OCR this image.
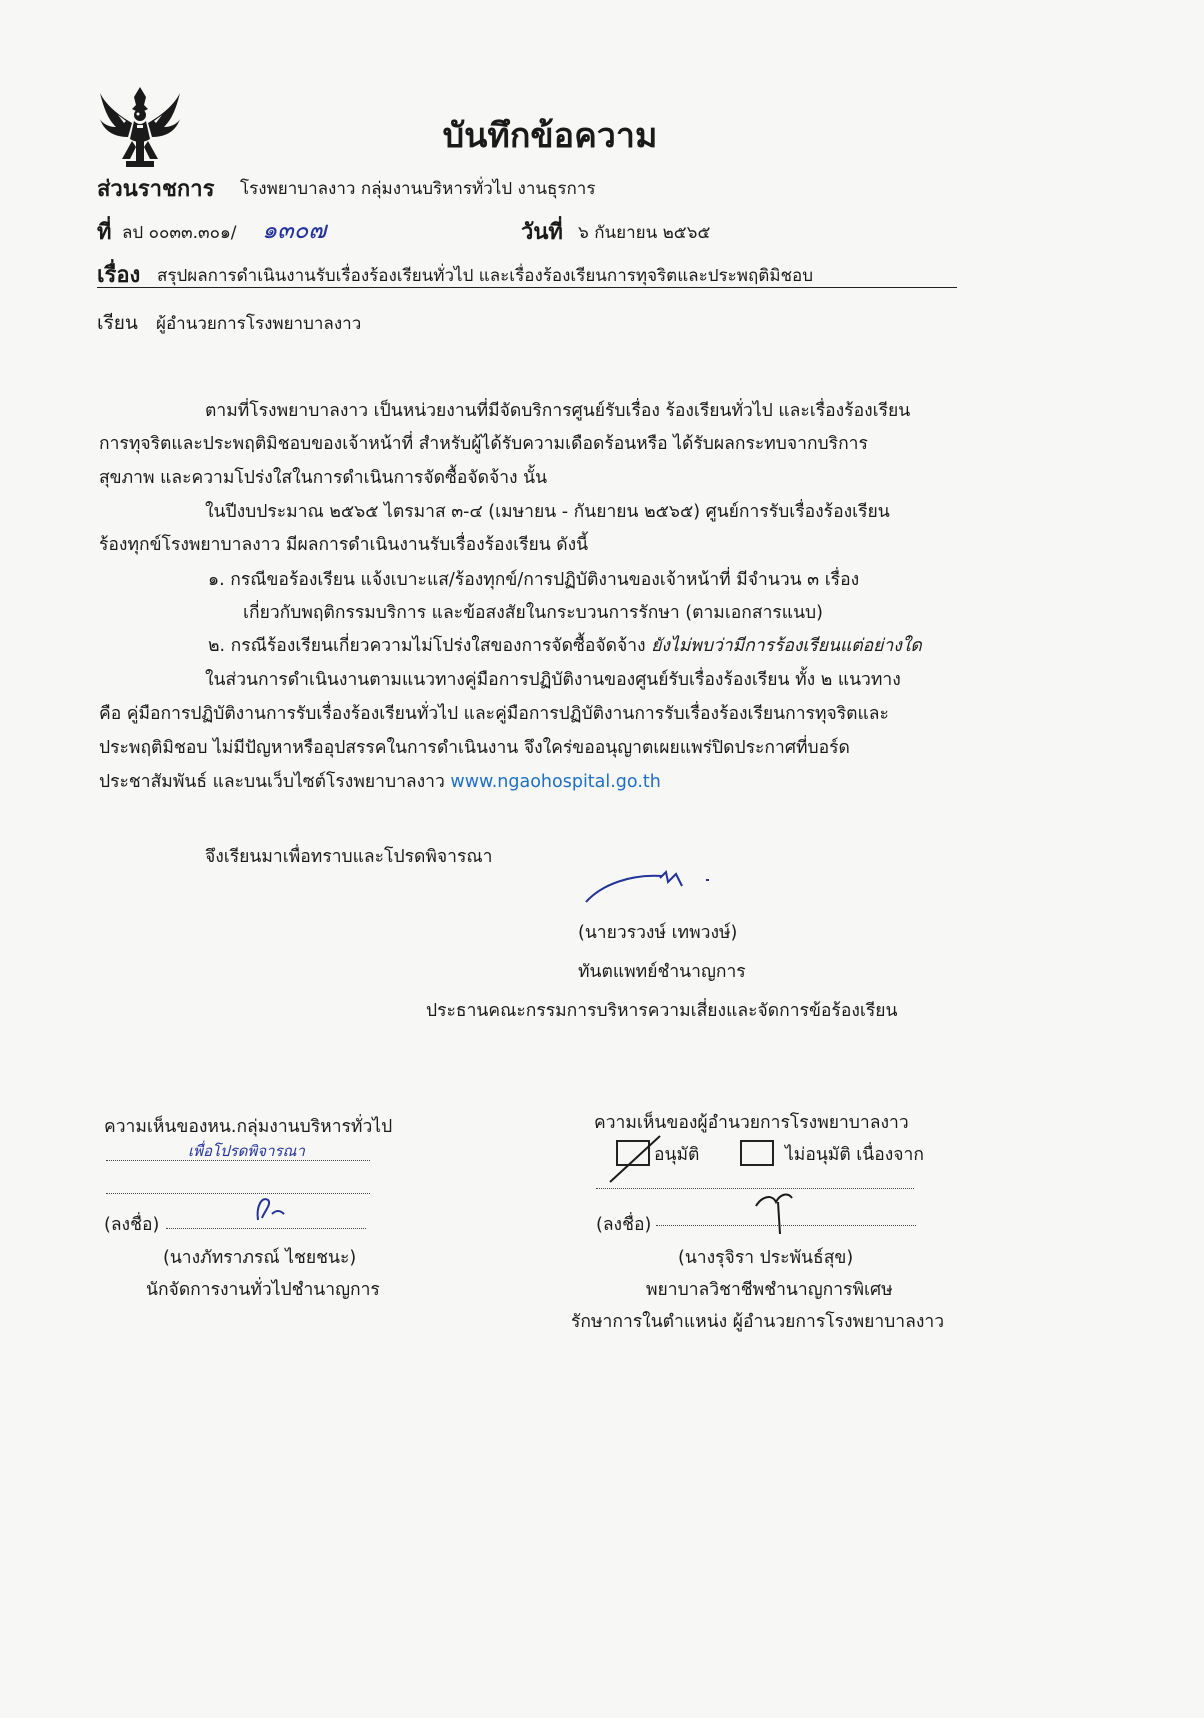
บันทึกข้อความ
ส่วนราชการ โรงพยาบาลงาว กลุ่มงานบริหารทั่วไป งานธุรการ
ที่ ลป ๐๐๓๓.๓๐๑/ ๑๓๐๗	วันที่ ๖ กันยายน ๒๕๖๕
เรื่อง สรุปผลการดำเนินงานรับเรื่องร้องเรียนทั่วไป และเรื่องร้องเรียนการทุจริตและประพฤติมิชอบ
เรียน ผู้อำนวยการโรงพยาบาลงาว
ตามที่โรงพยาบาลงาว เป็นหน่วยงานที่มีจัดบริการศูนย์รับเรื่อง ร้องเรียนทั่วไป และเรื่องร้องเรียน
การทุจริตและประพฤติมิชอบของเจ้าหน้าที่ สำหรับผู้ได้รับความเดือดร้อนหรือ ได้รับผลกระทบจากบริการ
สุขภาพ และความโปร่งใสในการดำเนินการจัดซื้อจัดจ้าง นั้น
ในปีงบประมาณ ๒๕๖๕ ไตรมาส ๓-๔ (เมษายน - กันยายน ๒๕๖๕) ศูนย์การรับเรื่องร้องเรียน
ร้องทุกข์โรงพยาบาลงาว มีผลการดำเนินงานรับเรื่องร้องเรียน ดังนี้
๑. กรณีขอร้องเรียน แจ้งเบาะแส/ร้องทุกข์/การปฏิบัติงานของเจ้าหน้าที่ มีจำนวน ๓ เรื่อง
เกี่ยวกับพฤติกรรมบริการ และข้อสงสัยในกระบวนการรักษา (ตามเอกสารแนบ)
๒. กรณีร้องเรียนเกี่ยวความไม่โปร่งใสของการจัดซื้อจัดจ้าง ยังไม่พบว่ามีการร้องเรียนแต่อย่างใด
ในส่วนการดำเนินงานตามแนวทางคู่มือการปฏิบัติงานของศูนย์รับเรื่องร้องเรียน ทั้ง ๒ แนวทาง
คือ คู่มือการปฏิบัติงานการรับเรื่องร้องเรียนทั่วไป และคู่มือการปฏิบัติงานการรับเรื่องร้องเรียนการทุจริตและ
ประพฤติมิชอบ ไม่มีปัญหาหรืออุปสรรคในการดำเนินงาน จึงใคร่ขออนุญาตเผยแพร่ปิดประกาศที่บอร์ด
ประชาสัมพันธ์ และบนเว็บไซต์โรงพยาบาลงาว www.ngaohospital.go.th
จึงเรียนมาเพื่อทราบและโปรดพิจารณา
(นายวรวงษ์ เทพวงษ์)
ทันตแพทย์ชำนาญการ
ประธานคณะกรรมการบริหารความเสี่ยงและจัดการข้อร้องเรียน
ความเห็นของหน.กลุ่มงานบริหารทั่วไป
เพื่อโปรดพิจารณา
(ลงชื่อ)
(นางภัทราภรณ์ ไชยชนะ)
นักจัดการงานทั่วไปชำนาญการ
ความเห็นของผู้อำนวยการโรงพยาบาลงาว
อนุมัติ	ไม่อนุมัติ เนื่องจาก
(ลงชื่อ)
(นางรุจิรา ประพันธ์สุข)
พยาบาลวิชาชีพชำนาญการพิเศษ
รักษาการในตำแหน่ง ผู้อำนวยการโรงพยาบาลงาว
